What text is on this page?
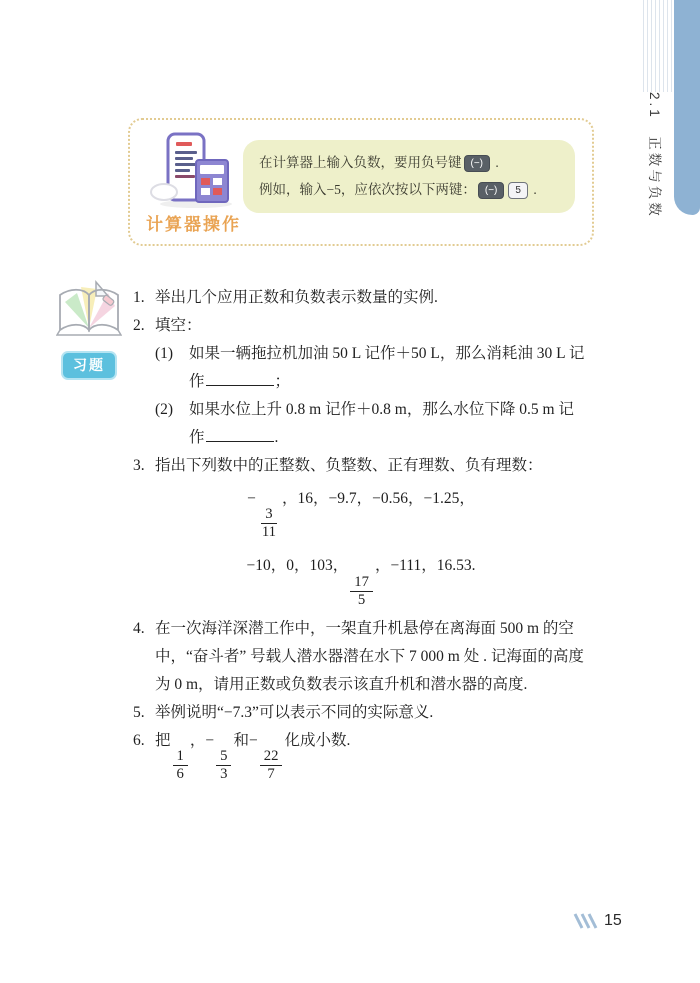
2.1　正数与负数
计算器操作
在计算器上输入负数，要用负号键 (−) .
例如，输入−5，应依次按以下两键： (−) 5 .

习题
1. 举出几个应用正数和负数表示数量的实例.
2. 填空：
(1)	如果一辆拖拉机加油 50 L 记作＋50 L，那么消耗油 30 L 记作	；
(2)	如果水位上升 0.8 m 记作＋0.8 m，那么水位下降 0.5 m 记作	.
3. 指出下列数中的正整数、负整数、正有理数、负有理数：
−
$\frac{3}{11}$
，16，−9.7，−0.56，−1.25，
−10，0，103，
$\frac{17}{5}$
，−111，16.53.
4. 在一次海洋深潜工作中，一架直升机悬停在离海面 500 m 的空中，“奋斗者” 号载人潜水器潜在水下 7 000 m 处 . 记海面的高度为 0 m，请用正数或负数表示该直升机和潜水器的高度.
5. 举例说明“−7.3”可以表示不同的实际意义.
6. 把
$\frac{1}{6}$
，−
$\frac{5}{3}$
和−
$\frac{22}{7}$
化成小数.
15
